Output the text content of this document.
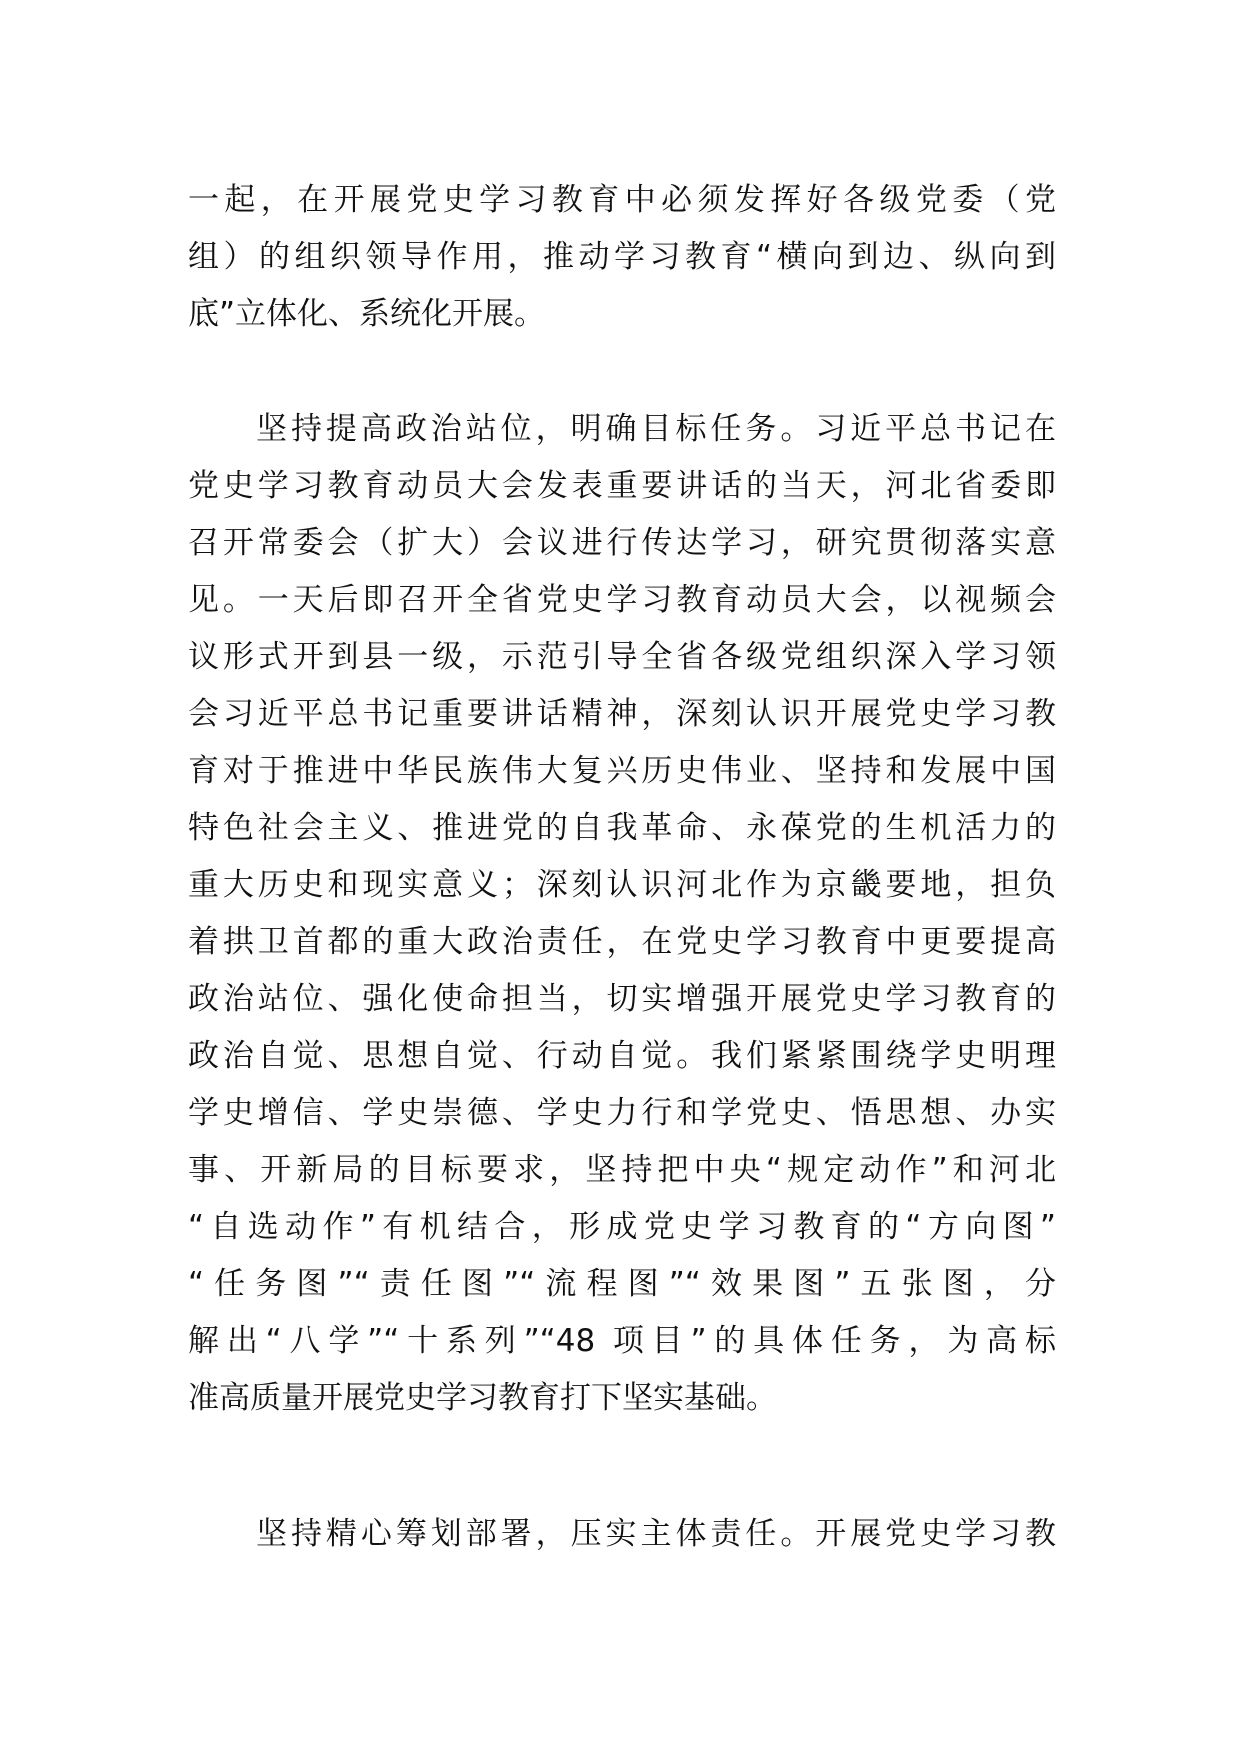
一起，在开展党史学习教育中必须发挥好各级党委（党
组）的组织领导作用，推动学习教育“横向到边、纵向到
底”立体化、系统化开展。
坚持提高政治站位，明确目标任务。习近平总书记在
党史学习教育动员大会发表重要讲话的当天，河北省委即
召开常委会（扩大）会议进行传达学习，研究贯彻落实意
见。一天后即召开全省党史学习教育动员大会，以视频会
议形式开到县一级，示范引导全省各级党组织深入学习领
会习近平总书记重要讲话精神，深刻认识开展党史学习教
育对于推进中华民族伟大复兴历史伟业、坚持和发展中国
特色社会主义、推进党的自我革命、永葆党的生机活力的
重大历史和现实意义；深刻认识河北作为京畿要地，担负
着拱卫首都的重大政治责任，在党史学习教育中更要提高
政治站位、强化使命担当，切实增强开展党史学习教育的
政治自觉、思想自觉、行动自觉。我们紧紧围绕学史明理
学史增信、学史崇德、学史力行和学党史、悟思想、办实
事、开新局的目标要求，坚持把中央“规定动作”和河北
“自选动作”有机结合，形成党史学习教育的“方向图”
“任务图”“责任图”“流程图”“效果图”五张图，分
解出“八学”“十系列”“48 项目”的具体任务，为高标
准高质量开展党史学习教育打下坚实基础。
坚持精心筹划部署，压实主体责任。开展党史学习教
